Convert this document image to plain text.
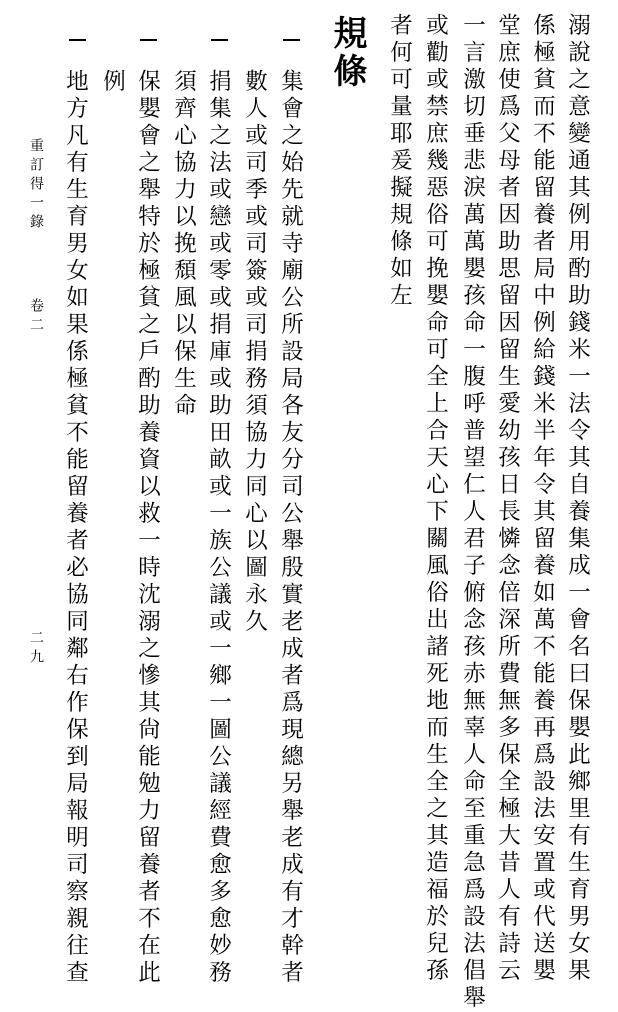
溺說之意變通其例用酌助錢米一法令其自養集成一會名曰保嬰此鄉里有生育男女果
係極貧而不能留養者局中例給錢米半年令其留養如萬不能養再爲設法安置或代送嬰
堂庶使爲父母者因助思留因留生愛幼孩日長憐念倍深所費無多保全極大昔人有詩云
一言激切垂悲淚萬萬嬰孩命一腹呼普望仁人君子俯念孩赤無辜人命至重急爲設法倡舉
或勸或禁庶幾惡俗可挽嬰命可全上合天心下關風俗出諸死地而生全之其造福於兒孫
者何可量耶爰擬規條如左
規條
集會之始先就寺廟公所設局各友分司公舉殷實老成者爲現總另舉老成有才幹者
數人或司季或司簽或司捐務須協力同心以圖永久
捐集之法或戀或零或捐庫或助田畝或一族公議或一鄉一圖公議經費愈多愈妙務
須齊心協力以挽頹風以保生命
保嬰會之舉特於極貧之戶酌助養資以救一時沈溺之慘其尙能勉力留養者不在此
例
地方凡有生育男女如果係極貧不能留養者必協同鄰右作保到局報明司察親往查
重訂得一錄
卷二
二九
